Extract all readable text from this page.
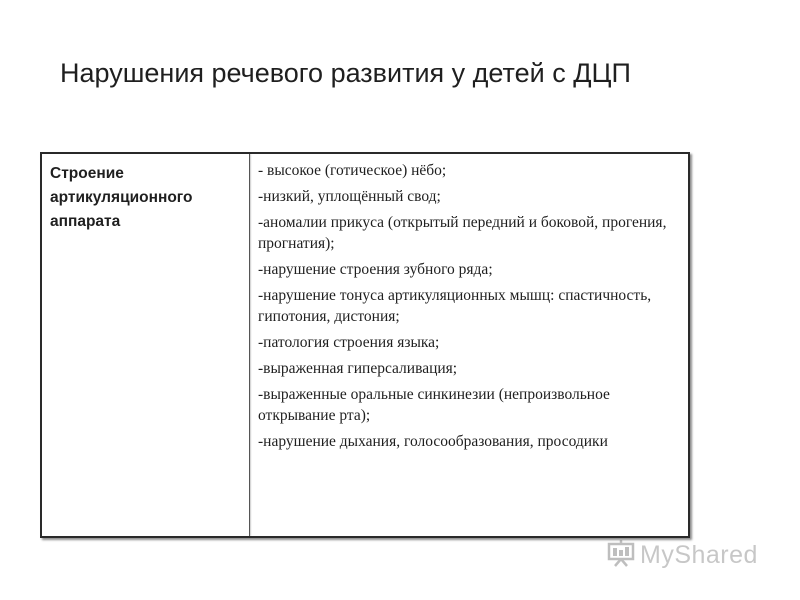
Нарушения речевого развития у детей с ДЦП
Строение артикуляционного аппарата
- высокое (готическое) нёбо;
-низкий, уплощённый свод;
-аномалии прикуса (открытый передний и боковой, прогения, прогнатия);
-нарушение строения зубного ряда;
-нарушение тонуса артикуляционных мышц: спастичность, гипотония, дистония;
-патология строения языка;
-выраженная гиперсаливация;
-выраженные оральные синкинезии (непроизвольное открывание рта);
-нарушение дыхания, голосообразования, просодики
MyShared
